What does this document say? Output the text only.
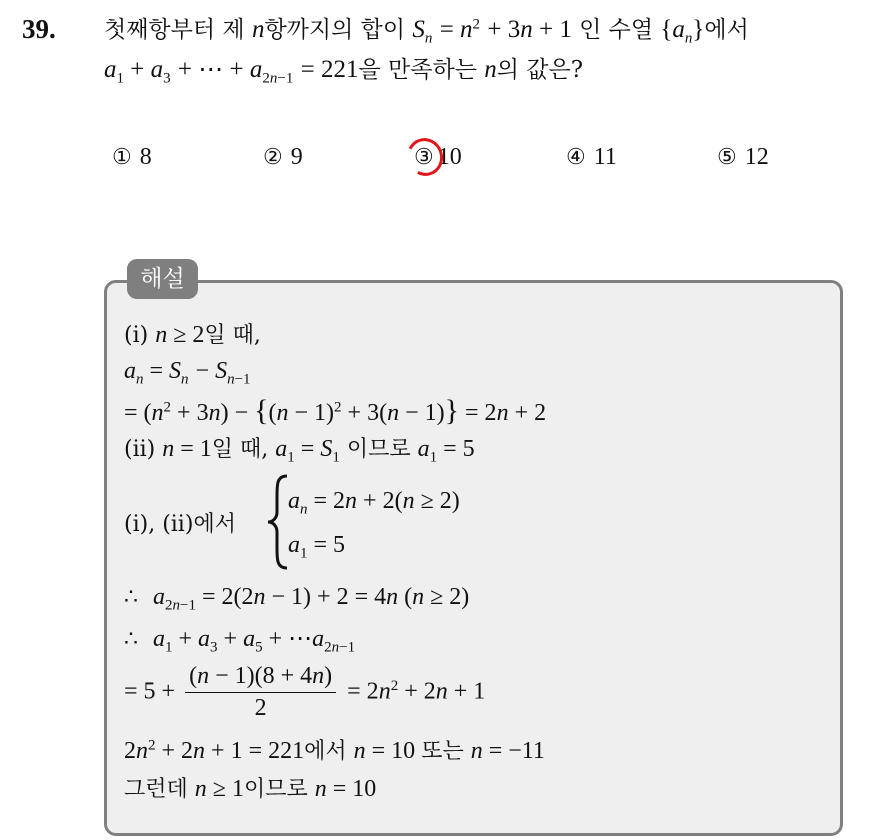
39. 첫째항부터 제 n항까지의 합이 $S_n = n^2 + 3n + 1$ 인 수열 $\{a_n\}$에서
$a_1 + a_3$ + ⋯ + $a_{2n-1} = 221$을 만족하는 n의 값은?
① 8	② 9	③ 10	④ 11	⑤ 12
해설
(i) n ≥ 2일 때,
$a_n = S_n - S_{n-1}$
= $(n^2 + 3n) - \{(n - 1)^2 + 3(n - 1)\} = 2n + 2$
(ii) n = 1일 때, $a_1 = S_1$ 이므로 $a_1 = 5$
(i), (ii)에서
$a_n = 2n + 2(n \ge 2)$
$a_1 = 5$
∴ $a_{2n-1} = 2(2n - 1) + 2 = 4n$ (n ≥ 2)
∴ $a_1 + a_3 + a_5$ + $\cdots a_{2n-1}$
= $5 + \frac{(n - 1)(8 + 4n)}{2} = 2n^2 + 2n + 1$
$2n^2 + 2n + 1 = 221$에서 n = 10 또는 n = −11
그런데 n ≥ 1이므로 n = 10
